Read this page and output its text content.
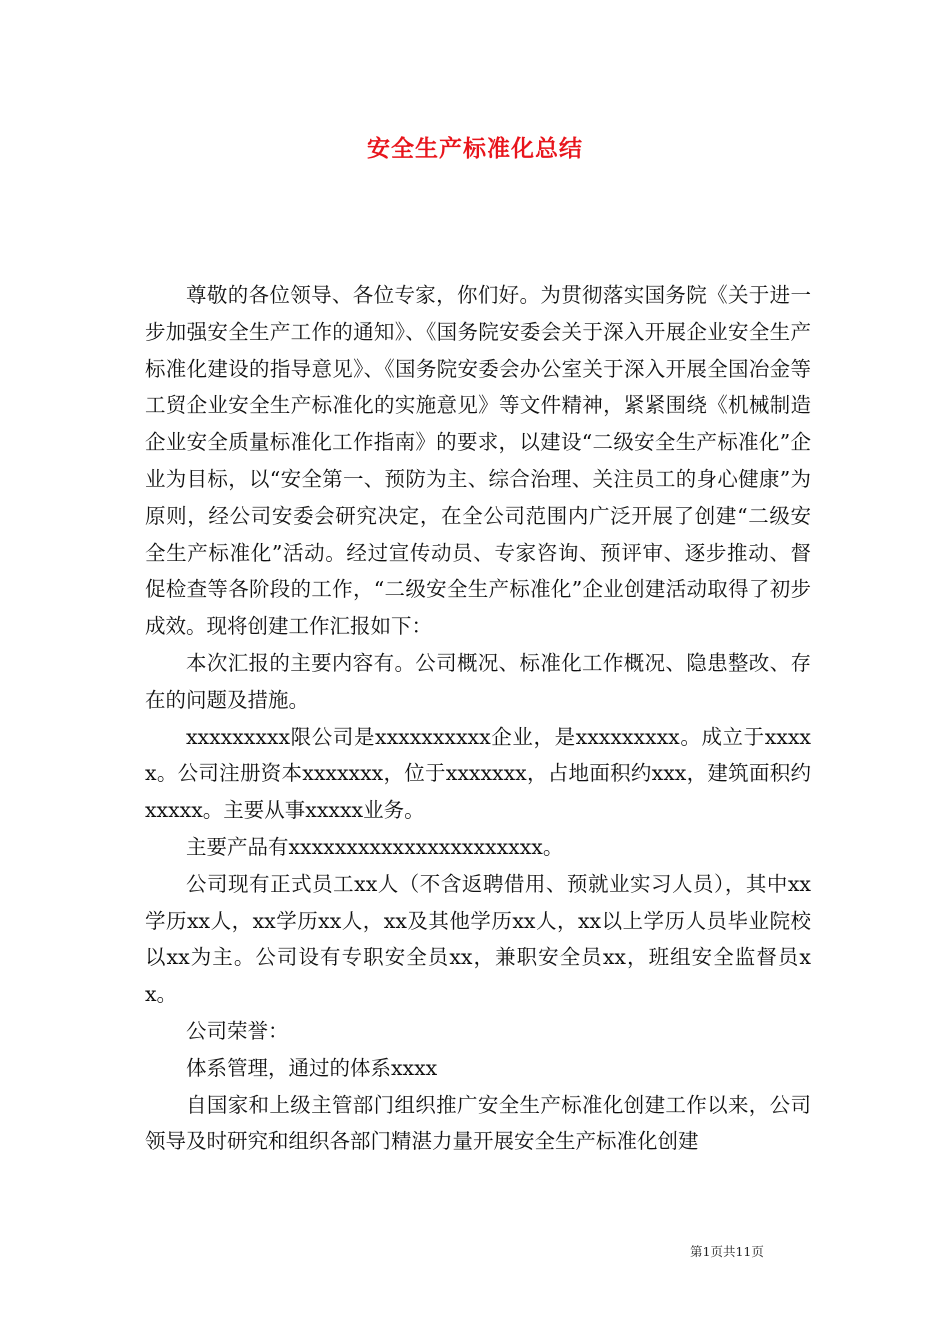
安全生产标准化总结

尊敬的各位领导、各位专家，你们好。为贯彻落实国务院《关于进一步加强安全生产工作的通知》、《国务院安委会关于深入开展企业安全生产标准化建设的指导意见》、《国务院安委会办公室关于深入开展全国冶金等工贸企业安全生产标准化的实施意见》等文件精神，紧紧围绕《机械制造企业安全质量标准化工作指南》的要求，以建设“二级安全生产标准化”企业为目标，以“安全第一、预防为主、综合治理、关注员工的身心健康”为原则，经公司安委会研究决定，在全公司范围内广泛开展了创建“二级安全生产标准化”活动。经过宣传动员、专家咨询、预评审、逐步推动、督促检查等各阶段的工作，“二级安全生产标准化”企业创建活动取得了初步成效。现将创建工作汇报如下：

本次汇报的主要内容有。公司概况、标准化工作概况、隐患整改、存在的问题及措施。

xxxxxxxxx限公司是xxxxxxxxxx企业，是xxxxxxxxx。成立于xxxxx。公司注册资本xxxxxxx，位于xxxxxxx，占地面积约xxx，建筑面积约xxxxx。主要从事xxxxx业务。

主要产品有xxxxxxxxxxxxxxxxxxxxxx。

公司现有正式员工xx人（不含返聘借用、预就业实习人员），其中xx学历xx人，xx学历xx人，xx及其他学历xx人，xx以上学历人员毕业院校以xx为主。公司设有专职安全员xx，兼职安全员xx，班组安全监督员xx。

公司荣誉：

体系管理，通过的体系xxxx

自国家和上级主管部门组织推广安全生产标准化创建工作以来，公司领导及时研究和组织各部门精湛力量开展安全生产标准化创建

第1页共11页
